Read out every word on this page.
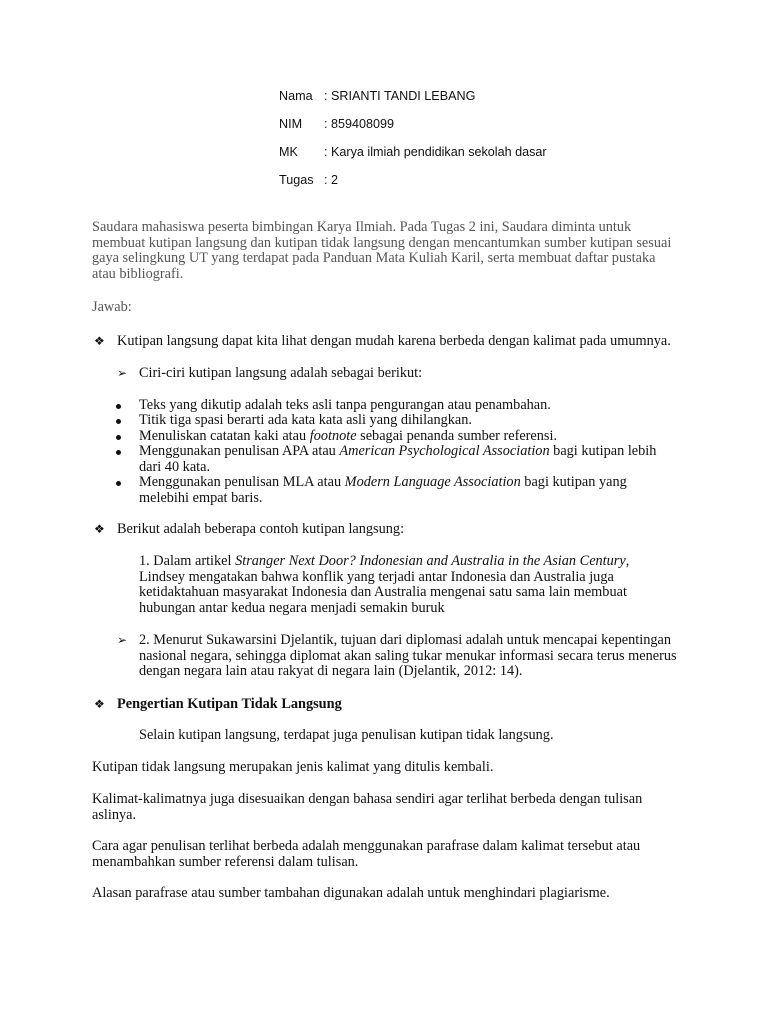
Nama : SRIANTI TANDI LEBANG
NIM : 859408099
MK : Karya ilmiah pendidikan sekolah dasar
Tugas : 2
Saudara mahasiswa peserta bimbingan Karya Ilmiah. Pada Tugas 2 ini, Saudara diminta untuk
membuat kutipan langsung dan kutipan tidak langsung dengan mencantumkan sumber kutipan sesuai
gaya selingkung UT yang terdapat pada Panduan Mata Kuliah Karil, serta membuat daftar pustaka
atau bibliografi.
Jawab:
❖ Kutipan langsung dapat kita lihat dengan mudah karena berbeda dengan kalimat pada umumnya.
➢ Ciri-ciri kutipan langsung adalah sebagai berikut:
Teks yang dikutip adalah teks asli tanpa pengurangan atau penambahan.
Titik tiga spasi berarti ada kata kata asli yang dihilangkan.
Menuliskan catatan kaki atau footnote sebagai penanda sumber referensi.
Menggunakan penulisan APA atau American Psychological Association bagi kutipan lebih
dari 40 kata.
Menggunakan penulisan MLA atau Modern Language Association bagi kutipan yang
melebihi empat baris.
❖ Berikut adalah beberapa contoh kutipan langsung:
1. Dalam artikel Stranger Next Door? Indonesian and Australia in the Asian Century,
Lindsey mengatakan bahwa konflik yang terjadi antar Indonesia dan Australia juga
ketidaktahuan masyarakat Indonesia dan Australia mengenai satu sama lain membuat
hubungan antar kedua negara menjadi semakin buruk
➢ 2. Menurut Sukawarsini Djelantik, tujuan dari diplomasi adalah untuk mencapai kepentingan
nasional negara, sehingga diplomat akan saling tukar menukar informasi secara terus menerus
dengan negara lain atau rakyat di negara lain (Djelantik, 2012: 14).
❖ Pengertian Kutipan Tidak Langsung
Selain kutipan langsung, terdapat juga penulisan kutipan tidak langsung.
Kutipan tidak langsung merupakan jenis kalimat yang ditulis kembali.
Kalimat-kalimatnya juga disesuaikan dengan bahasa sendiri agar terlihat berbeda dengan tulisan
aslinya.
Cara agar penulisan terlihat berbeda adalah menggunakan parafrase dalam kalimat tersebut atau
menambahkan sumber referensi dalam tulisan.
Alasan parafrase atau sumber tambahan digunakan adalah untuk menghindari plagiarisme.
